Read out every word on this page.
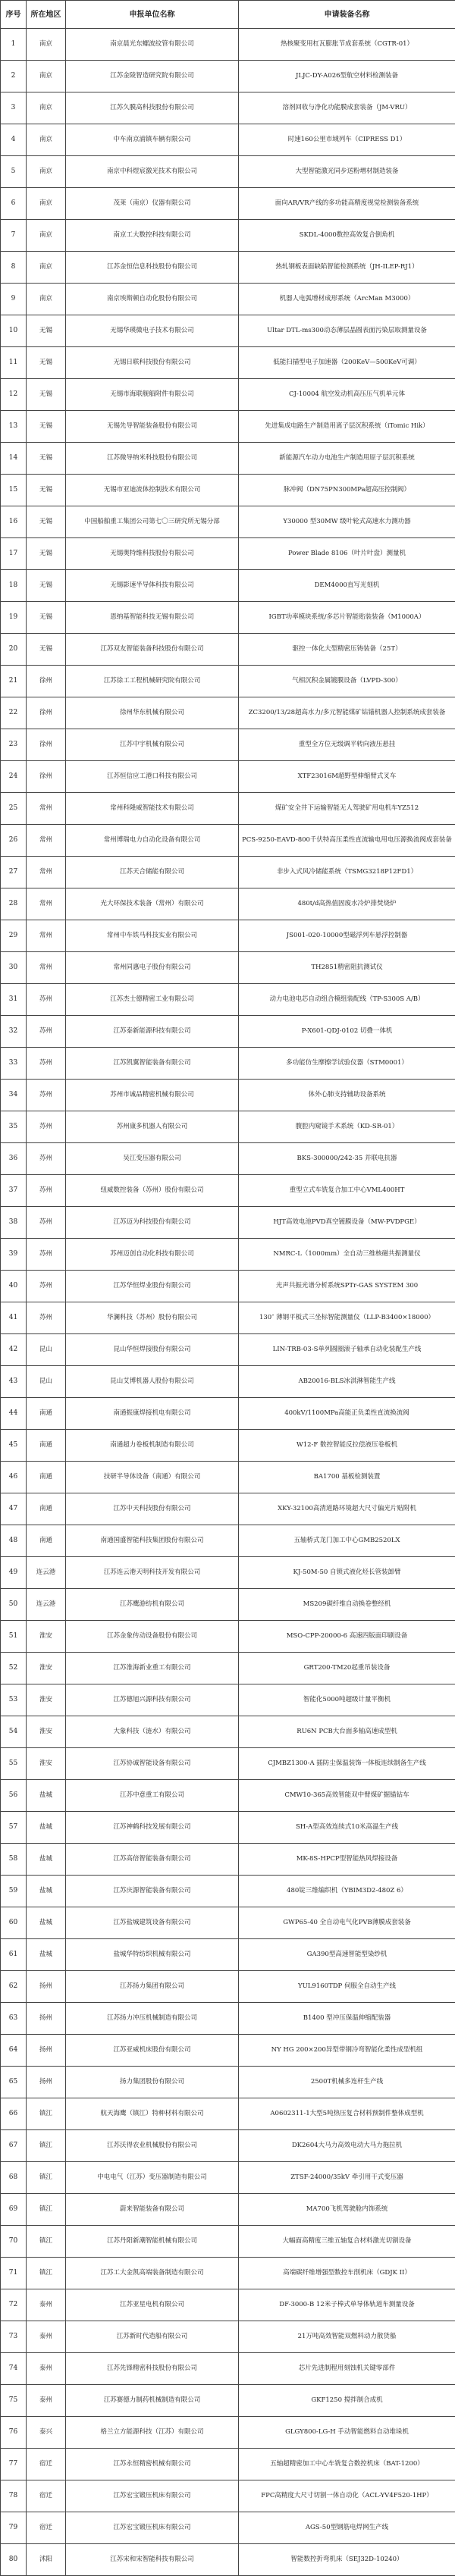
序号	所在地区	申报单位名称	申请装备名称
1	南京	南京晨光东螺波纹管有限公司	热核聚变用杠瓦膨胀节成套系统（CGTR-01）
2	南京	江苏金陵智造研究院有限公司	JLJC-DY-A026型航空材料检测装备
3	南京	江苏久膜高科技股份有限公司	溶剂回收与净化功能膜成套装备（JM-VRU）
4	南京	中车南京浦镇车辆有限公司	时速160公里市域列车（CIPRESS D1）
5	南京	南京中科煜宸激光技术有限公司	大型智能激光同步送粉增材制造装备
6	南京	茂莱（南京）仪器有限公司	面向AR/VR产线的多功能高精度视觉检测装备系统
7	南京	南京工大数控科技有限公司	SKDL-4000数控高效复合倒角机
8	南京	江苏金恒信息科技股份有限公司	热轧钢板表面缺陷智能检测系统（JH-ILEP-RJ1）
9	南京	南京埃斯顿自动化股份有限公司	机器人电弧增材成形系统（ArcMan M3000）
10	无锡	无锡华瑛微电子技术有限公司	Ultar DTL-ms300动态薄层晶圆表面污染层取测量设备
11	无锡	无锡日联科技股份有限公司	低能扫描型电子加速器（200KeV—500KeV可调）
12	无锡	无锡市海联舰船附件有限公司	CJ-10004 航空发动机高压压气机单元体
13	无锡	无锡先导智能装备股份有限公司	先进集成电路生产制造用离子层沉积系统（iTomic Hik）
14	无锡	江苏微导纳米科技股份有限公司	新能源汽车动力电池生产制造用原子层沉积系统
15	无锡	无锡市亚迪流体控制技术有限公司	脉冲阀（DN75PN300MPa超高压控制阀）
16	无锡	中国船舶重工集团公司第七〇三研究所无锡分部	Y30000 型30MW 级叶轮式高速水力测功器
17	无锡	无锡奥特维科技股份有限公司	Power Blade 8106（叶片叶盘）测量机
18	无锡	无锡影速半导体科技有限公司	DEM4000直写光刻机
19	无锡	恩纳基智能科技无锡有限公司	IGBT功率模块系统/多芯片智能贴装装备（M1000A）
20	无锡	江苏双友智能装备科技股份有限公司	驱控一体化大型精密压铸装备（25T）
21	徐州	江苏徐工工程机械研究院有限公司	气相沉积金属镀膜设备（LVPD-300）
22	徐州	徐州华东机械有限公司	ZC3200/13/28超高水力/多元智能煤矿钻锚机器人控制系统成套装备
23	徐州	江苏中宇机械有限公司	重型全方位无级调平转向液压悬挂
24	徐州	江苏恒信应工港口科技有限公司	XTF23016M超野型伸缩臂式叉车
25	常州	常州科隆威智能技术有限公司	煤矿安全井下运输智能无人驾驶矿用电机车YZ512
26	常州	常州博瑞电力自动化设备有限公司	PCS-9250-EAVD-800千伏特高压柔性直流输电用电压源换流阀成套装备
27	常州	江苏天合储能有限公司	非步入式风冷储能系统（TSMG3218P12FD1）
28	常州	光大环保技术装备（常州）有限公司	480t/d高热值固废水冷炉排焚烧炉
29	常州	常州中车铁马科技实业有限公司	JS001-020-10000型磁浮列车悬浮控制器
30	常州	常州同惠电子股份有限公司	TH2851精密阻抗测试仪
31	苏州	江苏杰士德精密工业有限公司	动力电池电芯自动组合模组装配线（TP-S300S A/B）
32	苏州	江苏泰新能源科技有限公司	P-X601-QDJ-0102 切叠一体机
33	苏州	江苏凯翼智能装备有限公司	多功能仿生摩擦学试验仪器（STM0001）
34	苏州	苏州市诚品精密机械有限公司	体外心肺支持辅助设备系统
35	苏州	苏州康多机器人有限公司	腹腔内窥镜手术系统（KD-SR-01）
36	苏州	吴江变压器有限公司	BKS-300000/242-35 并联电抗器
37	苏州	纽威数控装备（苏州）股份有限公司	重型立式车铣复合加工中心VML400HT
38	苏州	江苏迈为科技股份有限公司	HJT高效电池PVD真空镀膜设备（MW-PVDPGE）
39	苏州	苏州迈创自动化科技有限公司	NMRC-L（1000mm）全自动三维核磁共振测量仪
40	苏州	江苏华恒焊业股份有限公司	光声共振光谱分析系统SPTr-GAS SYSTEM 300
41	苏州	华澜科技（苏州）股份有限公司	130″ 薄钢平板式三坐标智能测量仪（LLP-B3400×18000）
42	昆山	昆山华恒焊接股份有限公司	LIN-TRB-03-S单列圆圈滚子轴承自动化装配生产线
43	昆山	昆山艾博机器人股份有限公司	AB20016-BLS冰淇淋智能生产线
44	南通	南通振康焊接机电有限公司	400kV/1100MPa高能正负柔性直流换流阀
45	南通	南通超力卷板机制造有限公司	W12-F 数控智能反拉偿液压卷板机
46	南通	技研半导体设备（南通）有限公司	BA1700 基板检测装置
47	南通	江苏中天科技股份有限公司	XKY-32100高清道路环境超大尺寸偏光片贴附机
48	南通	南通国盛智能科技集团股份有限公司	五轴桥式龙门加工中心GMB2520LX
49	连云港	江苏连云港天明科技开发有限公司	KJ-50M-50 自锁式液化烃长管装卸臂
50	连云港	江苏鹰游纺机有限公司	MS209碳纤维自动换卷整经机
51	淮安	江苏金象传动设备股份有限公司	MSO-CPP-20000-6 高速四版面印刷设备
52	淮安	江苏淮海新业重工有限公司	GRT200-TM20起重吊装设备
53	淮安	江苏德旭兴源科技有限公司	智能化5000吨超级计量平衡机
54	淮安	大象科技（涟水）有限公司	RU6N PCB大台面多轴高速成型机
55	淮安	江苏协诚智能设备有限公司	CJMBZ1300-A 插防尘保温装饰一体板连续制备生产线
56	盐城	江苏中意重工有限公司	CMW10-365高效智能双中臂煤矿掘锚钻车
57	盐城	江苏神鹤科技发展有限公司	SH-A型高效连续式10米高温生产线
58	盐城	江苏高倍智能装备有限公司	MK-8S-HPCP型智能热风焊接设备
59	盐城	江苏庆源智能装备有限公司	480锭三维编织机（YBIM3D2-480Z 6）
60	盐城	江苏盐城建筑设备有限公司	GWP65-40 全自动电气化PVB薄膜成套装备
61	盐城	盐城华特纺织机械有限公司	GA390型高速智能型染纱机
62	扬州	江苏扬力集团有限公司	YUL9160TDP 伺服全自动生产线
63	扬州	江苏扬力冲压机械制造有限公司	B1400 型冲压保温伸缩配装器
64	扬州	江苏亚威机床股份有限公司	NY HG 200×200异型带钢冷弯智能化柔性成型机组
65	扬州	扬力集团股份有限公司	2500T机械多连杆生产线
66	镇江	航天海鹰（镇江）特种材料有限公司	A0602311-1大型5吨热压复合材料预制件整体成型机
67	镇江	江苏沃得农业机械股份有限公司	DK2604大马力高效电动大马力拖拉机
68	镇江	中电电气（江苏）变压器制造有限公司	ZTSF-24000/35kV 牵引用干式变压器
69	镇江	蔚来智能装备有限公司	MA700飞机驾驶舱内饰系统
70	镇江	江苏丹阳新潮智能机械有限公司	大幅面高精度三维五轴复合材料激光切割设备
71	镇江	江苏工大金凯高端装备制造有限公司	高端碳纤维增强型数控车削机床（GDJK II）
72	泰州	江苏亚星电机有限公司	DF-3000-B 12米子棒式单导体轨道车测量设备
73	泰州	江苏新时代造船有限公司	21万吨高效智能双燃料动力散货船
74	泰州	江苏先锋精密科技股份有限公司	芯片先进制程用刻蚀机关键零部件
75	泰州	江苏赛德力制药机械制造有限公司	GKF1250 搅拌制合成机
76	泰兴	格兰立方能源科技（江苏）有限公司	GLGY800-LG-H 手动智能燃料自动堆垛机
77	宿迁	江苏永恒精密机械有限公司	五轴超精密加工中心车铣复合数控机床（BAT-1200）
78	宿迁	江苏宏宝锻压机床有限公司	FPC高精度大尺寸切割一体自动化（ACL-YV4F520-1HP）
79	宿迁	江苏宏宝锻压机床有限公司	AGS-50型钢筋电焊网生产线
80	沭阳	江苏宋和宋智能科技有限公司	智能数控折弯机床（SEJ32D-10240）
